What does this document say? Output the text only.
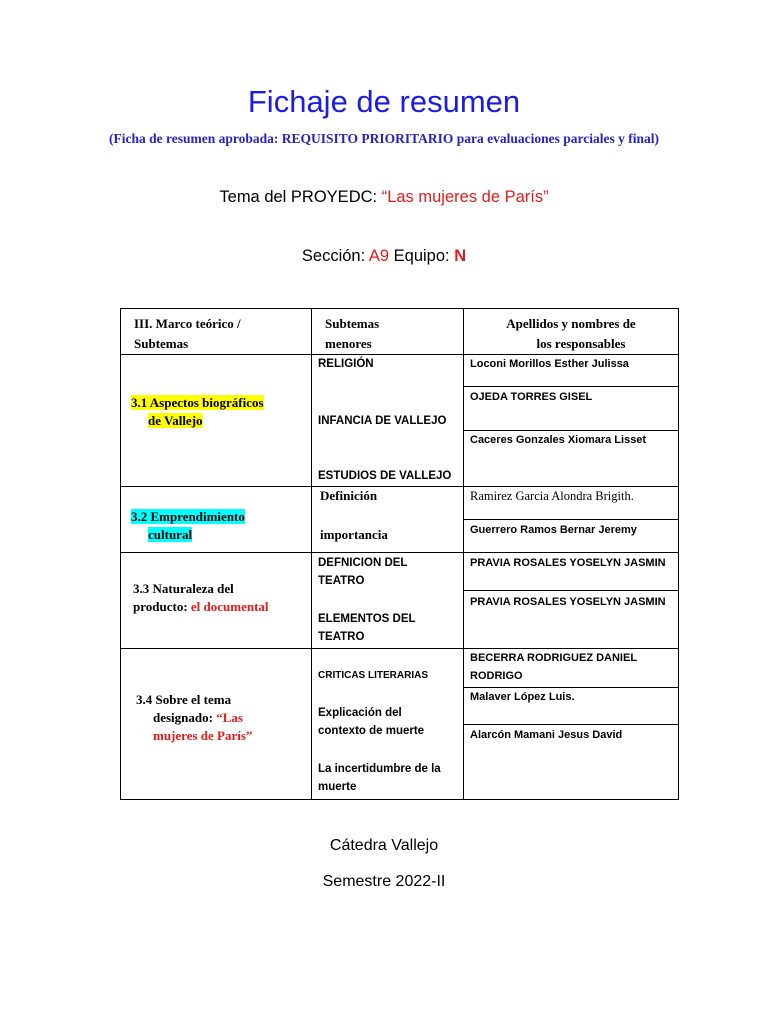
Fichaje de resumen
(Ficha de resumen aprobada: REQUISITO PRIORITARIO para evaluaciones parciales y final)
Tema del PROYEDC: “Las mujeres de París”
Sección: A9 Equipo: N
III. Marco teórico /
Subtemas
Subtemas
menores
Apellidos y nombres de
los responsables
3.1 Aspectos biográficos
de Vallejo
RELIGIÓN
INFANCIA DE VALLEJO
ESTUDIOS DE VALLEJO
Loconi Morillos Esther Julissa
OJEDA TORRES GISEL
Caceres Gonzales Xiomara Lisset
3.2 Emprendimiento
cultural
Definición
importancia
Ramirez Garcia Alondra Brigith.
Guerrero Ramos Bernar Jeremy
3.3 Naturaleza del
producto: el documental
DEFNICION DEL
TEATRO
ELEMENTOS DEL
TEATRO
PRAVIA ROSALES YOSELYN JASMIN
PRAVIA ROSALES YOSELYN JASMIN
3.4 Sobre el tema
designado: “Las
mujeres de París”
CRITICAS LITERARIAS
Explicación del
contexto de muerte
La incertidumbre de la
muerte
BECERRA RODRIGUEZ DANIEL
RODRIGO
Malaver López Luis.
Alarcón Mamani Jesus David
Cátedra Vallejo
Semestre 2022-II
